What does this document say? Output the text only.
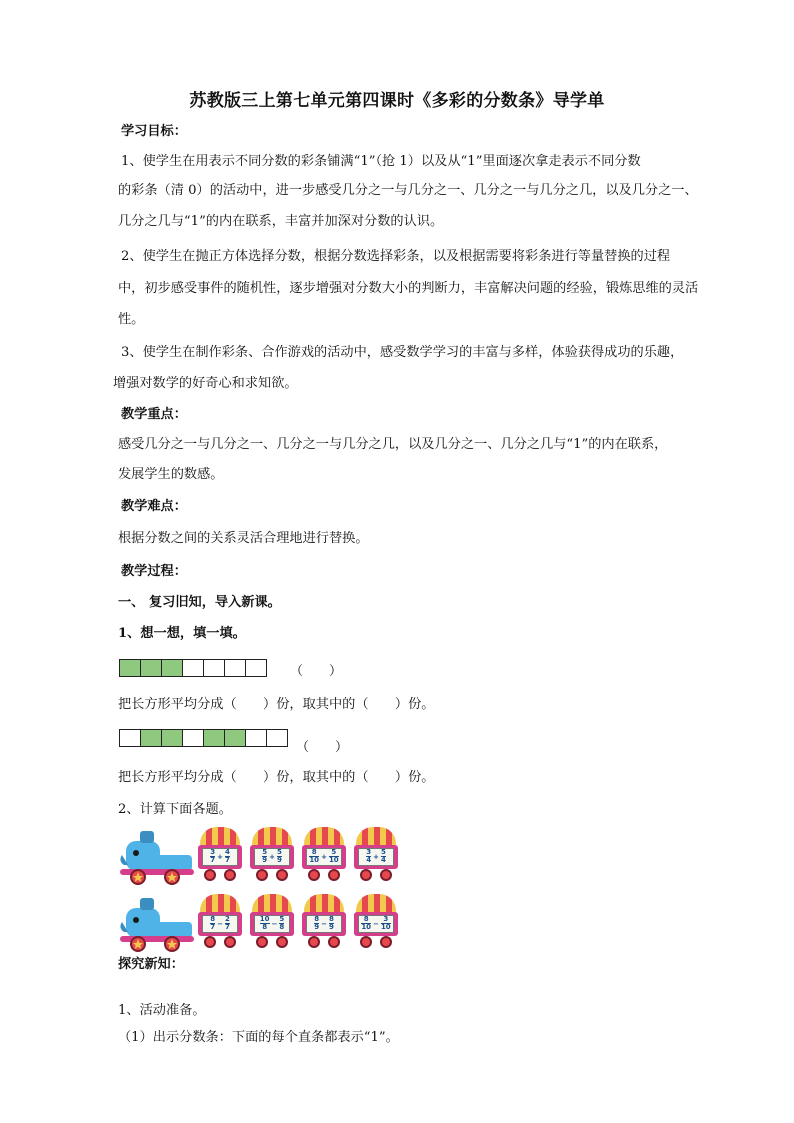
苏教版三上第七单元第四课时《多彩的分数条》导学单
学习目标：
1、使学生在用表示不同分数的彩条铺满“1”（抢 1）以及从“1”里面逐次拿走表示不同分数
的彩条（清 0）的活动中，进一步感受几分之一与几分之一、几分之一与几分之几，以及几分之一、
几分之几与“1”的内在联系，丰富并加深对分数的认识。
2、使学生在抛正方体选择分数，根据分数选择彩条，以及根据需要将彩条进行等量替换的过程
中，初步感受事件的随机性，逐步增强对分数大小的判断力，丰富解决问题的经验，锻炼思维的灵活
性。
3、使学生在制作彩条、合作游戏的活动中，感受数学学习的丰富与多样，体验获得成功的乐趣，
增强对数学的好奇心和求知欲。
教学重点：
感受几分之一与几分之一、几分之一与几分之几，以及几分之一、几分之几与“1”的内在联系，
发展学生的数感。
教学难点：
根据分数之间的关系灵活合理地进行替换。
教学过程：
一、 复习旧知，导入新课。
1、想一想，填一填。
（　　）
把长方形平均分成（　　）份，取其中的（　　）份。
（　　）
把长方形平均分成（　　）份，取其中的（　　）份。
2、计算下面各题。
$\frac{3}{7} + \frac{4}{7}$	$\frac{5}{9} + \frac{5}{9}$	$\frac{8}{10} + \frac{5}{10}$	$\frac{3}{4} + \frac{5}{4}$
$\frac{8}{7} - \frac{2}{7}$	$\frac{10}{8} - \frac{5}{8}$	$\frac{8}{9} - \frac{8}{9}$	$\frac{8}{10} - \frac{3}{10}$
探究新知：
1、活动准备。
（1）出示分数条：下面的每个直条都表示“1”。
